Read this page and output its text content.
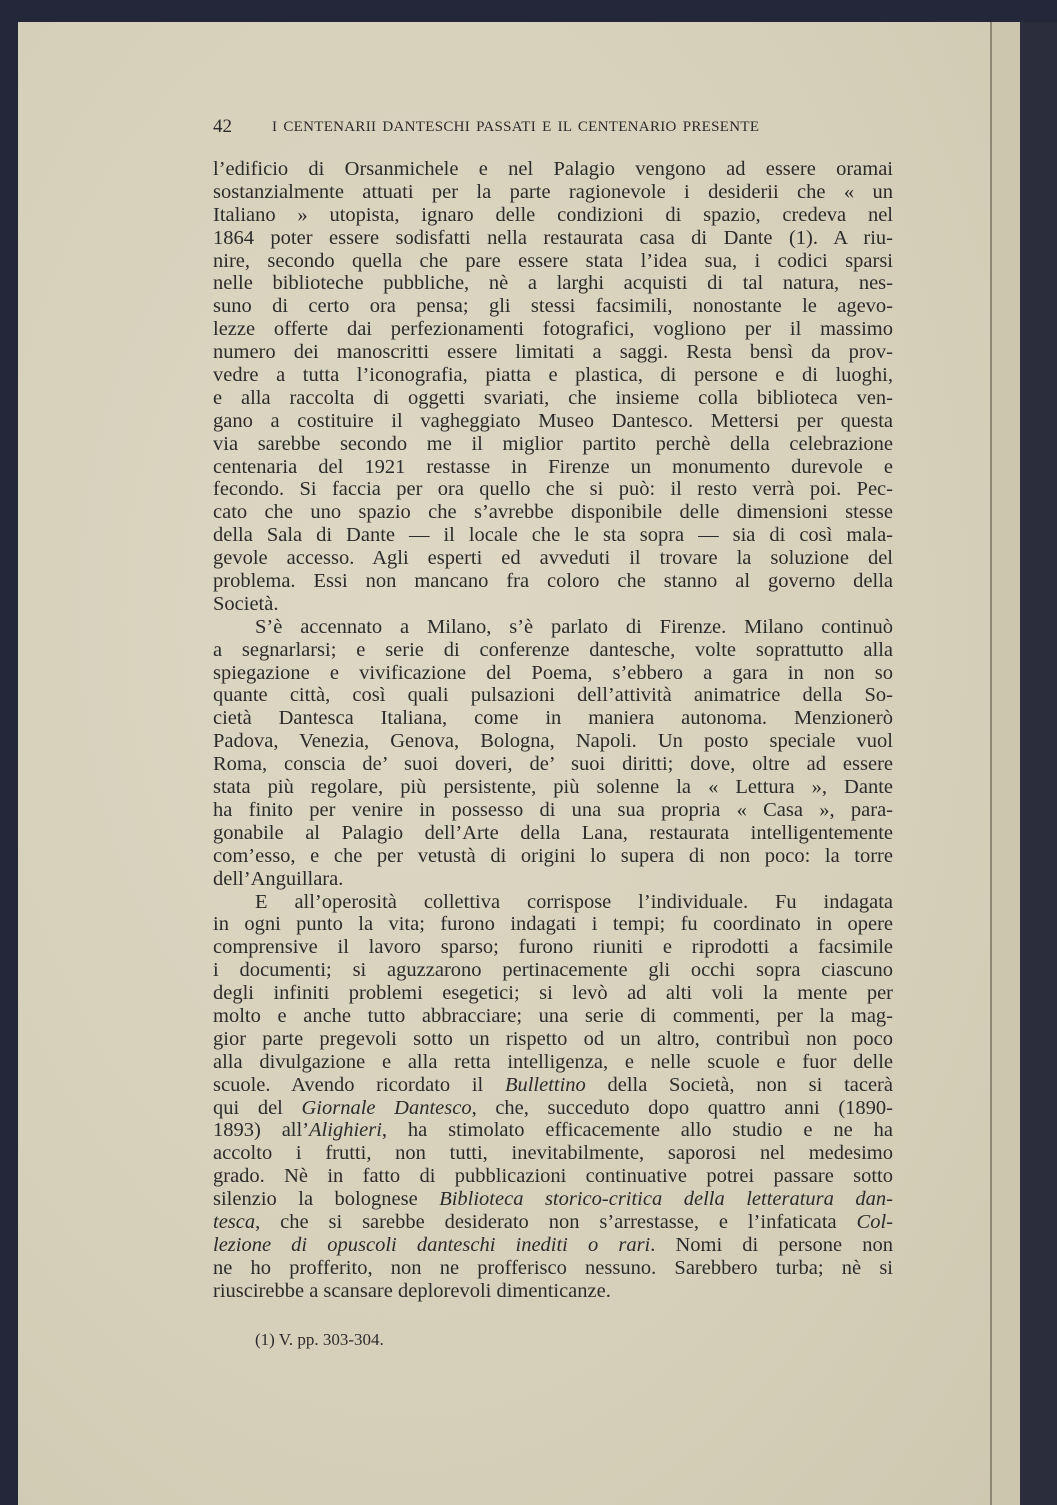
42	I CENTENARII DANTESCHI PASSATI E IL CENTENARIO PRESENTE
l’edificio di Orsanmichele e nel Palagio vengono ad essere oramai
sostanzialmente attuati per la parte ragionevole i desiderii che « un
Italiano » utopista, ignaro delle condizioni di spazio, credeva nel
1864 poter essere sodisfatti nella restaurata casa di Dante (1). A riu-
nire, secondo quella che pare essere stata l’idea sua, i codici sparsi
nelle biblioteche pubbliche, nè a larghi acquisti di tal natura, nes-
suno di certo ora pensa; gli stessi facsimili, nonostante le agevo-
lezze offerte dai perfezionamenti fotografici, vogliono per il massimo
numero dei manoscritti essere limitati a saggi. Resta bensì da prov-
vedre a tutta l’iconografia, piatta e plastica, di persone e di luoghi,
e alla raccolta di oggetti svariati, che insieme colla biblioteca ven-
gano a costituire il vagheggiato Museo Dantesco. Mettersi per questa
via sarebbe secondo me il miglior partito perchè della celebrazione
centenaria del 1921 restasse in Firenze un monumento durevole e
fecondo. Si faccia per ora quello che si può: il resto verrà poi. Pec-
cato che uno spazio che s’avrebbe disponibile delle dimensioni stesse
della Sala di Dante — il locale che le sta sopra — sia di così mala-
gevole accesso. Agli esperti ed avveduti il trovare la soluzione del
problema. Essi non mancano fra coloro che stanno al governo della
Società.
S’è accennato a Milano, s’è parlato di Firenze. Milano continuò
a segnarlarsi; e serie di conferenze dantesche, volte soprattutto alla
spiegazione e vivificazione del Poema, s’ebbero a gara in non so
quante città, così quali pulsazioni dell’attività animatrice della So-
cietà Dantesca Italiana, come in maniera autonoma. Menzionerò
Padova, Venezia, Genova, Bologna, Napoli. Un posto speciale vuol
Roma, conscia de’ suoi doveri, de’ suoi diritti; dove, oltre ad essere
stata più regolare, più persistente, più solenne la « Lettura », Dante
ha finito per venire in possesso di una sua propria « Casa », para-
gonabile al Palagio dell’Arte della Lana, restaurata intelligentemente
com’esso, e che per vetustà di origini lo supera di non poco: la torre
dell’Anguillara.
E all’operosità collettiva corrispose l’individuale. Fu indagata
in ogni punto la vita; furono indagati i tempi; fu coordinato in opere
comprensive il lavoro sparso; furono riuniti e riprodotti a facsimile
i documenti; si aguzzarono pertinacemente gli occhi sopra ciascuno
degli infiniti problemi esegetici; si levò ad alti voli la mente per
molto e anche tutto abbracciare; una serie di commenti, per la mag-
gior parte pregevoli sotto un rispetto od un altro, contribuì non poco
alla divulgazione e alla retta intelligenza, e nelle scuole e fuor delle
scuole. Avendo ricordato il Bullettino della Società, non si tacerà
qui del Giornale Dantesco, che, succeduto dopo quattro anni (1890-
1893) all’Alighieri, ha stimolato efficacemente allo studio e ne ha
accolto i frutti, non tutti, inevitabilmente, saporosi nel medesimo
grado. Nè in fatto di pubblicazioni continuative potrei passare sotto
silenzio la bolognese Biblioteca storico-critica della letteratura dan-
tesca, che si sarebbe desiderato non s’arrestasse, e l’infaticata Col-
lezione di opuscoli danteschi inediti o rari. Nomi di persone non
ne ho profferito, non ne profferisco nessuno. Sarebbero turba; nè si
riuscirebbe a scansare deplorevoli dimenticanze.
(1) V. pp. 303-304.
